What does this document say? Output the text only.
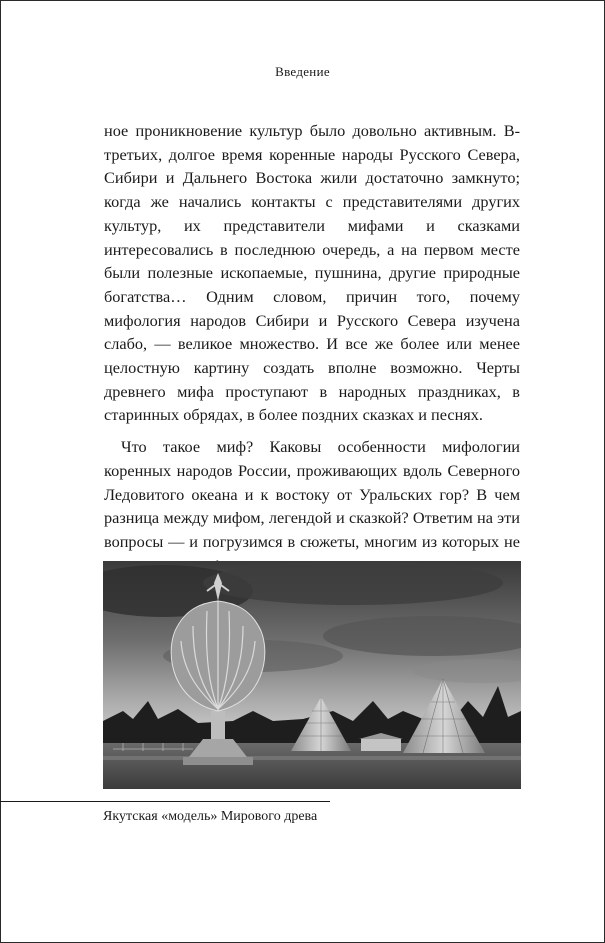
Введение

ное проникновение культур было довольно активным. В-третьих, долгое время коренные народы Русского Севера, Сибири и Дальнего Востока жили достаточно замкнуто; когда же начались контакты с представителями других культур, их представители мифами и сказками интересовались в последнюю очередь, а на первом месте были полезные ископаемые, пушнина, другие природные богатства… Одним словом, причин того, почему мифология народов Сибири и Русского Севера изучена слабо, — великое множество. И все же более или менее целостную картину создать вполне возможно. Черты древнего мифа проступают в народных праздниках, в старинных обрядах, в более поздних сказках и песнях.

Что такое миф? Каковы особенности мифологии коренных народов России, проживающих вдоль Северного Ледовитого океана и к востоку от Уральских гор? В чем разница между мифом, легендой и сказкой? Ответим на эти вопросы — и погрузимся в сюжеты, многим из которых не

Якутская «модель» Мирового древа
